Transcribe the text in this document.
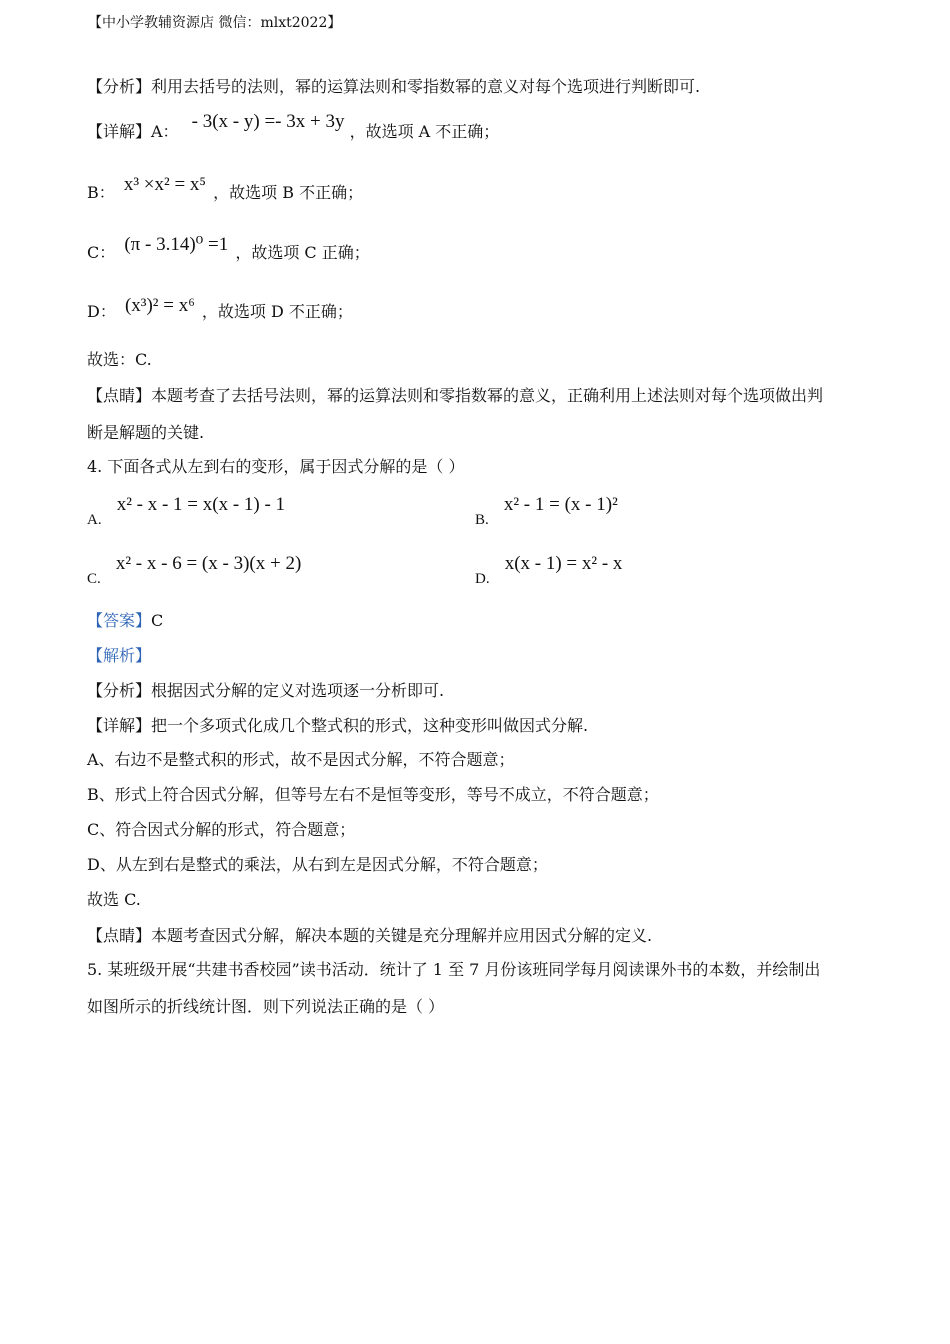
【中小学教辅资源店 微信：mlxt2022】
【分析】利用去括号的法则，幂的运算法则和零指数幂的意义对每个选项进行判断即可.
【详解】A： - 3(x - y) =- 3x + 3y ，故选项 A 不正确；
B： x³ ×x² = x⁵ ，故选项 B 不正确；
C： (π - 3.14)⁰ =1 ，故选项 C 正确；
D： (x³)² = x⁶ ，故选项 D 不正确；
故选：C.
【点睛】本题考查了去括号法则，幂的运算法则和零指数幂的意义，正确利用上述法则对每个选项做出判
断是解题的关键.
4. 下面各式从左到右的变形，属于因式分解的是（ ）
A. x² - x - 1 = x(x - 1) - 1
B. x² - 1 = (x - 1)²
C. x² - x - 6 = (x - 3)(x + 2)
D. x(x - 1) = x² - x
【答案】C
【解析】
【分析】根据因式分解的定义对选项逐一分析即可.
【详解】把一个多项式化成几个整式积的形式，这种变形叫做因式分解.
A、右边不是整式积的形式，故不是因式分解，不符合题意；
B、形式上符合因式分解，但等号左右不是恒等变形，等号不成立，不符合题意；
C、符合因式分解的形式，符合题意；
D、从左到右是整式的乘法，从右到左是因式分解，不符合题意；
故选 C.
【点睛】本题考查因式分解，解决本题的关键是充分理解并应用因式分解的定义.
5. 某班级开展“共建书香校园”读书活动．统计了 1 至 7 月份该班同学每月阅读课外书的本数，并绘制出
如图所示的折线统计图．则下列说法正确的是（ ）
